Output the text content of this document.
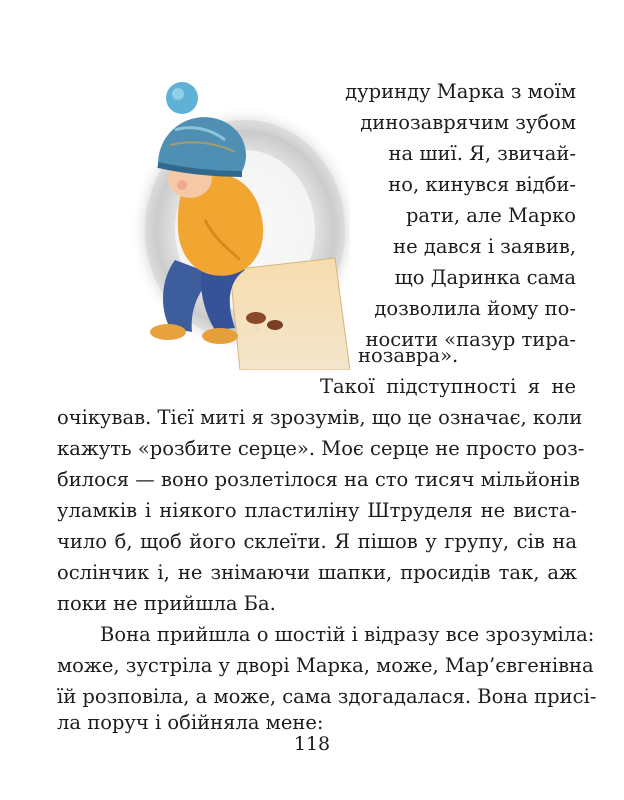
дуринду Марка з моїм
динозаврячим зубом
на шиї. Я, звичай-
но, кинувся відби-
рати, але Марко
не дався і заявив,
що Даринка сама
дозволила йому по-
носити «пазур тира-
нозавра».
Такої підступності я не
очікував. Тієї миті я зрозумів, що це означає, коли
кажуть «розбите серце». Моє серце не просто роз-
билося — воно розлетілося на сто тисяч мільйонів
уламків і ніякого пластиліну Штруделя не виста-
чило б, щоб його склеїти. Я пішов у групу, сів на
ослінчик і, не знімаючи шапки, просидів так, аж
поки не прийшла Ба.
Вона прийшла о шостій і відразу все зрозуміла:
може, зустріла у дворі Марка, може, Мар’євгенівна
їй розповіла, а може, сама здогадалася. Вона присі-
ла поруч і обійняла мене:
118
